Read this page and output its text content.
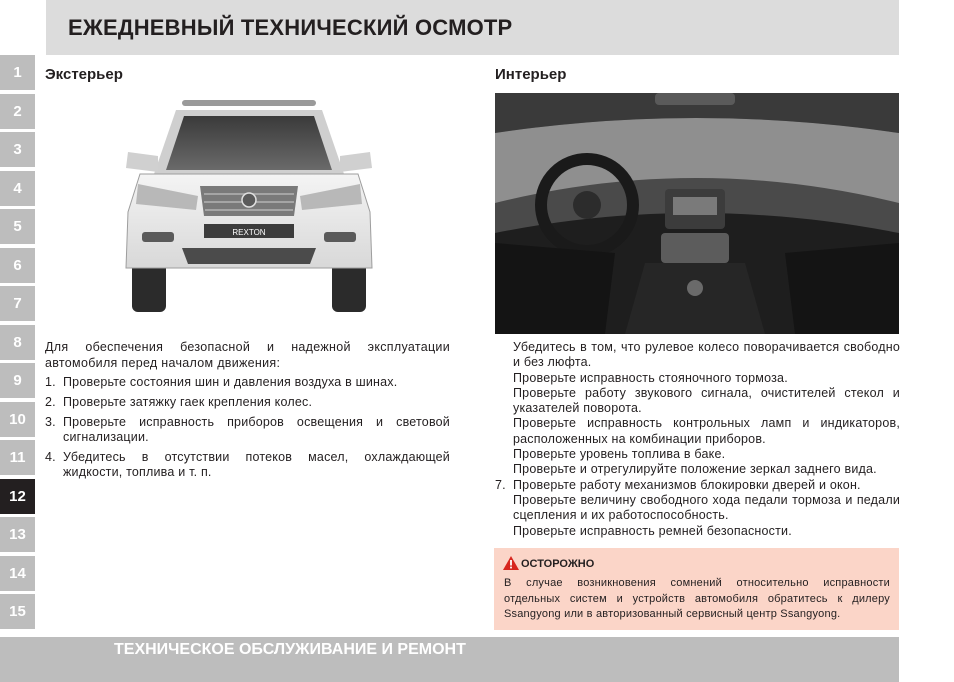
ЕЖЕДНЕВНЫЙ ТЕХНИЧЕСКИЙ ОСМОТР
1
2
3
4
5
6
7
8
9
10
11
12
13
14
15
Экстерьер	Интерьер
REXTON
Для обеспечения безопасной и надежной эксплуатации автомобиля перед началом движения:
1. Проверьте состояния шин и давления воздуха в шинах.
2. Проверьте затяжку гаек крепления колес.
3. Проверьте исправность приборов освещения и световой сигнализации.
4. Убедитесь в отсутствии потеков масел, охлаждающей жидкости, топлива и т. п.
Убедитесь в том, что рулевое колесо поворачивается свободно и без люфта.
Проверьте исправность стояночного тормоза.
Проверьте работу звукового сигнала, очистителей стекол и указателей поворота.
Проверьте исправность контрольных ламп и индикаторов, расположенных на комбинации приборов.
Проверьте уровень топлива в баке.
Проверьте и отрегулируйте положение зеркал заднего вида.
7. Проверьте работу механизмов блокировки дверей и окон.
Проверьте величину свободного хода педали тормоза и педали сцепления и их работоспособность.
Проверьте исправность ремней безопасности.
ОСТОРОЖНО
В случае возникновения сомнений относительно исправности отдельных систем и устройств автомобиля обратитесь к дилеру Ssangyong или в авторизованный сервисный центр Ssangyong.
ТЕХНИЧЕСКОЕ ОБСЛУЖИВАНИЕ И РЕМОНТ
